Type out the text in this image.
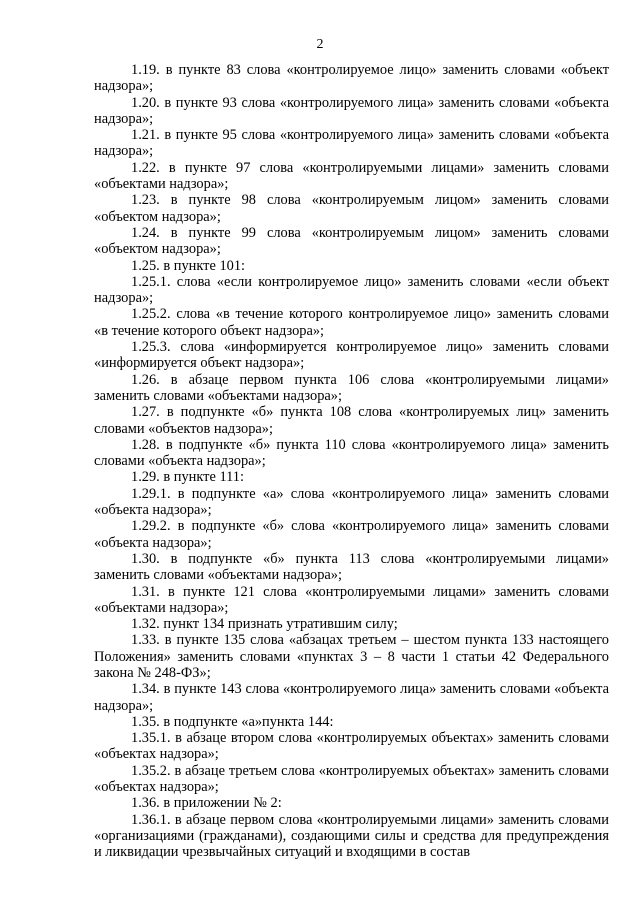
2

1.19. в пункте 83 слова «контролируемое лицо» заменить словами «объект надзора»;

1.20. в пункте 93 слова «контролируемого лица» заменить словами «объекта надзора»;

1.21. в пункте 95 слова «контролируемого лица» заменить словами «объекта надзора»;

1.22. в пункте 97 слова «контролируемыми лицами» заменить словами «объектами надзора»;

1.23. в пункте 98 слова «контролируемым лицом» заменить словами «объектом надзора»;

1.24. в пункте 99 слова «контролируемым лицом» заменить словами «объектом надзора»;

1.25. в пункте 101:

1.25.1. слова «если контролируемое лицо» заменить словами «если объект надзора»;

1.25.2. слова «в течение которого контролируемое лицо» заменить словами «в течение которого объект надзора»;

1.25.3. слова «информируется контролируемое лицо» заменить словами «информируется объект надзора»;

1.26. в абзаце первом пункта 106 слова «контролируемыми лицами» заменить словами «объектами надзора»;

1.27. в подпункте «б» пункта 108 слова «контролируемых лиц» заменить словами «объектов надзора»;

1.28. в подпункте «б» пункта 110 слова «контролируемого лица» заменить словами «объекта надзора»;

1.29. в пункте 111:

1.29.1. в подпункте «а» слова «контролируемого лица» заменить словами «объекта надзора»;

1.29.2. в подпункте «б» слова «контролируемого лица» заменить словами «объекта надзора»;

1.30. в подпункте «б» пункта 113 слова «контролируемыми лицами» заменить словами «объектами надзора»;

1.31. в пункте 121 слова «контролируемыми лицами» заменить словами «объектами надзора»;

1.32. пункт 134 признать утратившим силу;

1.33. в пункте 135 слова «абзацах третьем – шестом пункта 133 настоящего Положения» заменить словами «пунктах 3 – 8 части 1 статьи 42 Федерального закона № 248-ФЗ»;

1.34. в пункте 143 слова «контролируемого лица» заменить словами «объекта надзора»;

1.35. в подпункте «а»пункта 144:

1.35.1. в абзаце втором слова «контролируемых объектах» заменить словами «объектах надзора»;

1.35.2. в абзаце третьем слова «контролируемых объектах» заменить словами «объектах надзора»;

1.36. в приложении № 2:

1.36.1. в абзаце первом слова «контролируемыми лицами» заменить словами «организациями (гражданами), создающими силы и средства для предупреждения и ликвидации чрезвычайных ситуаций и входящими в состав
